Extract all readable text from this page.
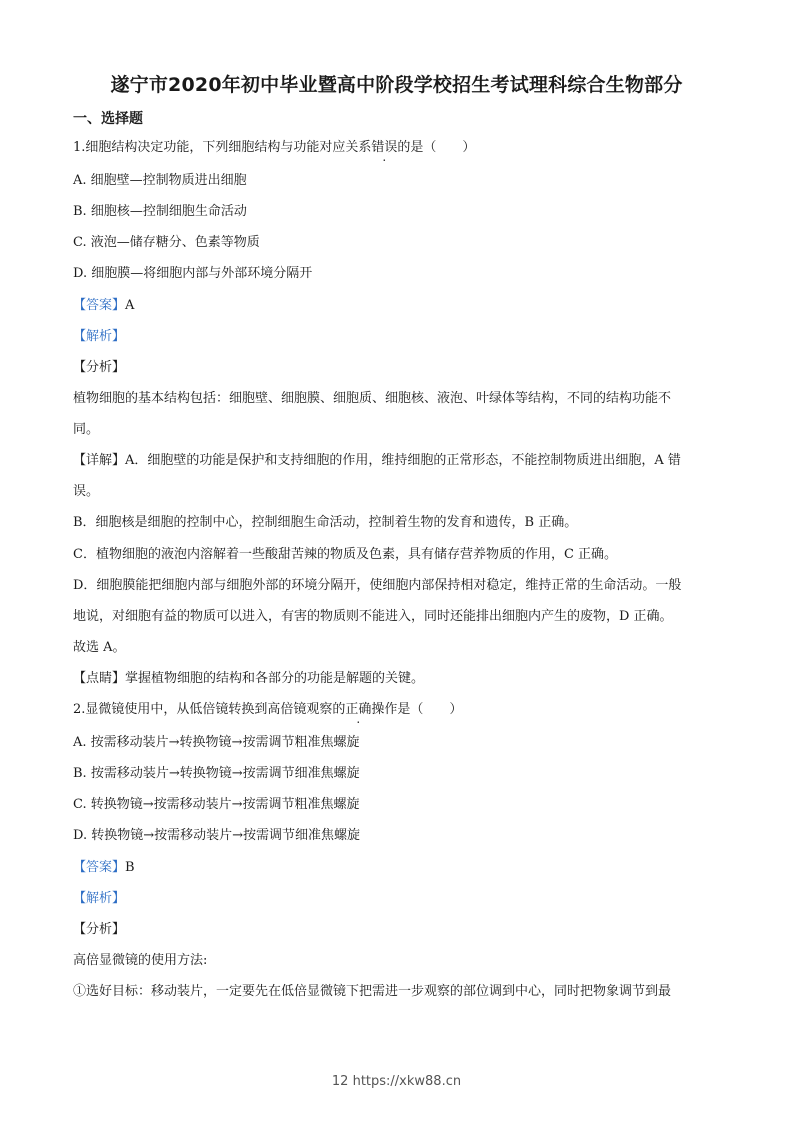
遂宁市2020年初中毕业暨高中阶段学校招生考试理科综合生物部分
一、选择题
1.细胞结构决定功能，下列细胞结构与功能对应关系错误的是（　　）
A. 细胞壁—控制物质进出细胞
B. 细胞核—控制细胞生命活动
C. 液泡—储存糖分、色素等物质
D. 细胞膜—将细胞内部与外部环境分隔开
【答案】A
【解析】
【分析】
植物细胞的基本结构包括：细胞壁、细胞膜、细胞质、细胞核、液泡、叶绿体等结构，不同的结构功能不
同。
【详解】A．细胞壁的功能是保护和支持细胞的作用，维持细胞的正常形态，不能控制物质进出细胞，A 错
误。
B．细胞核是细胞的控制中心，控制细胞生命活动，控制着生物的发育和遗传，B 正确。
C．植物细胞的液泡内溶解着一些酸甜苦辣的物质及色素，具有储存营养物质的作用，C 正确。
D．细胞膜能把细胞内部与细胞外部的环境分隔开，使细胞内部保持相对稳定，维持正常的生命活动。一般
地说，对细胞有益的物质可以进入，有害的物质则不能进入，同时还能排出细胞内产生的废物，D 正确。
故选 A。
【点睛】掌握植物细胞的结构和各部分的功能是解题的关键。
2.显微镜使用中，从低倍镜转换到高倍镜观察的正确操作是（　　）
A. 按需移动装片→转换物镜→按需调节粗准焦螺旋
B. 按需移动装片→转换物镜→按需调节细准焦螺旋
C. 转换物镜→按需移动装片→按需调节粗准焦螺旋
D. 转换物镜→按需移动装片→按需调节细准焦螺旋
【答案】B
【解析】
【分析】
高倍显微镜的使用方法:
①选好目标：移动装片，一定要先在低倍显微镜下把需进一步观察的部位调到中心，同时把物象调节到最
12 https://xkw88.cn
